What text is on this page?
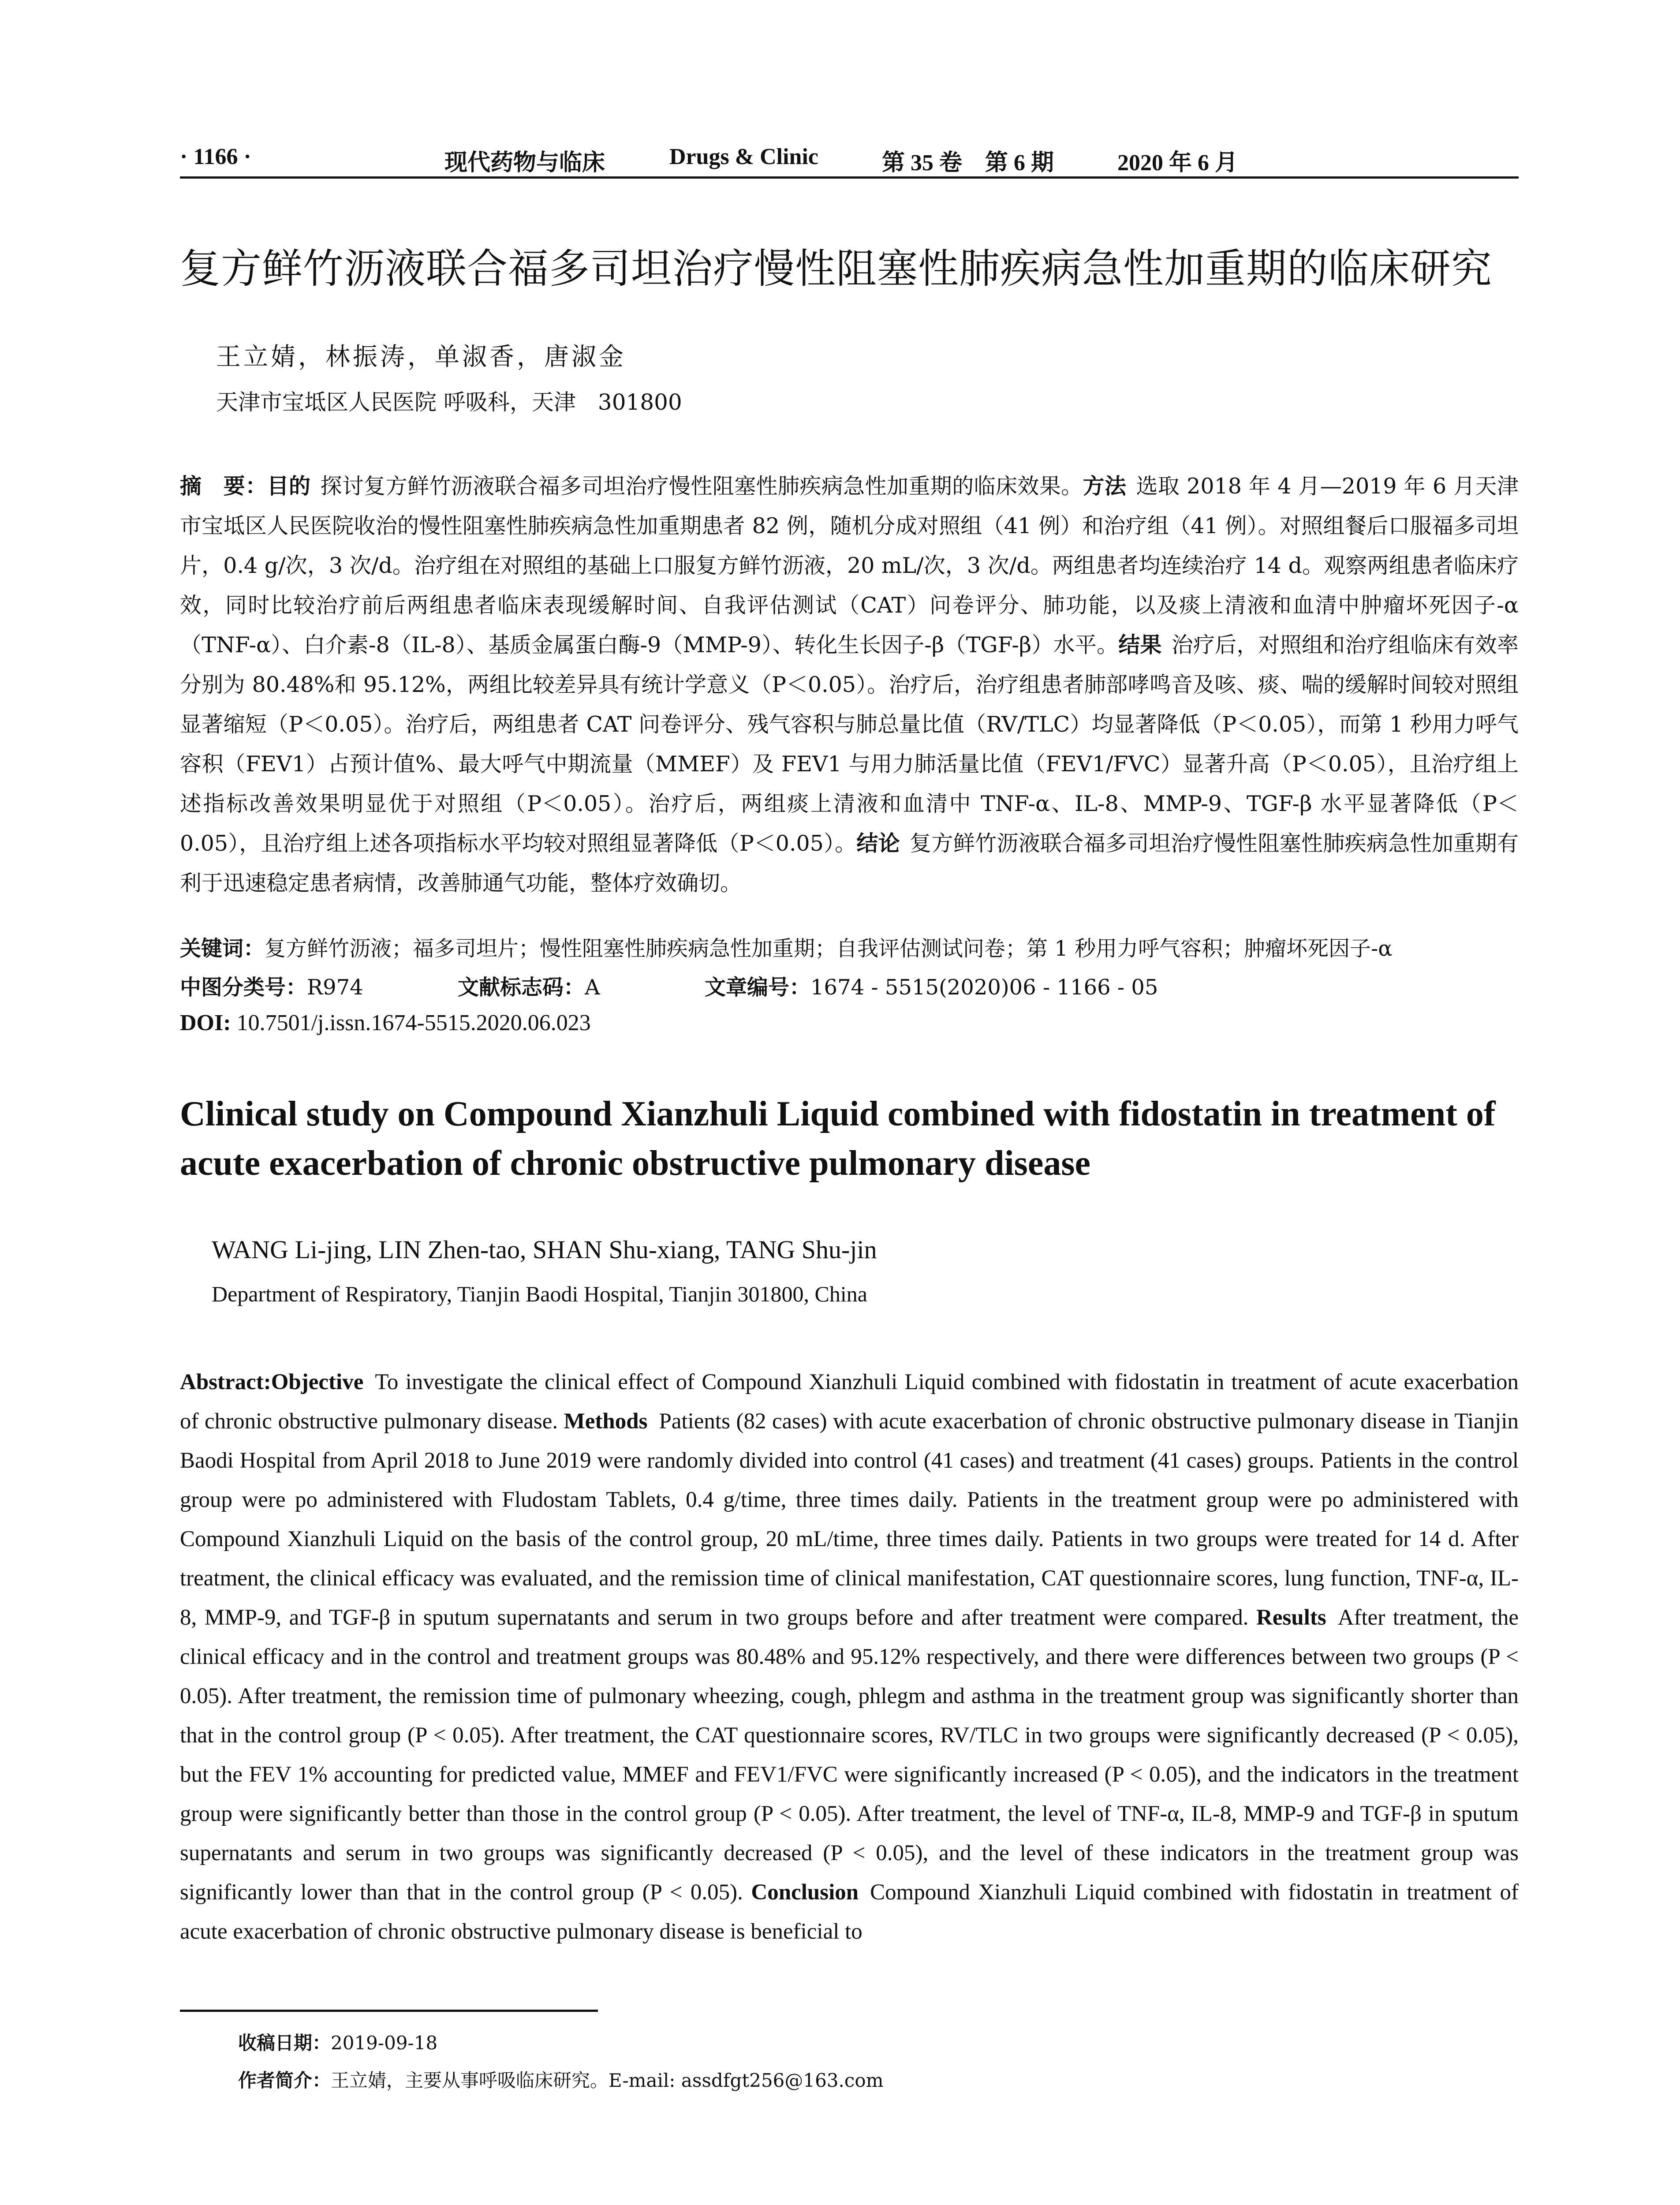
· 1166 ·	现代药物与临床	Drugs & Clinic	第 35 卷　第 6 期	2020 年 6 月
复方鲜竹沥液联合福多司坦治疗慢性阻塞性肺疾病急性加重期的临床研究
王立婧，林振涛，单淑香，唐淑金
天津市宝坻区人民医院 呼吸科，天津　301800

摘　要：目的 探讨复方鲜竹沥液联合福多司坦治疗慢性阻塞性肺疾病急性加重期的临床效果。方法 选取 2018 年 4 月—2019 年 6 月天津市宝坻区人民医院收治的慢性阻塞性肺疾病急性加重期患者 82 例，随机分成对照组（41 例）和治疗组（41 例）。对照组餐后口服福多司坦片，0.4 g/次，3 次/d。治疗组在对照组的基础上口服复方鲜竹沥液，20 mL/次，3 次/d。两组患者均连续治疗 14 d。观察两组患者临床疗效，同时比较治疗前后两组患者临床表现缓解时间、自我评估测试（CAT）问卷评分、肺功能，以及痰上清液和血清中肿瘤坏死因子-α（TNF-α）、白介素-8（IL-8）、基质金属蛋白酶-9（MMP-9）、转化生长因子-β（TGF-β）水平。结果 治疗后，对照组和治疗组临床有效率分别为 80.48%和 95.12%，两组比较差异具有统计学意义（P＜0.05）。治疗后，治疗组患者肺部哮鸣音及咳、痰、喘的缓解时间较对照组显著缩短（P＜0.05）。治疗后，两组患者 CAT 问卷评分、残气容积与肺总量比值（RV/TLC）均显著降低（P＜0.05），而第 1 秒用力呼气容积（FEV1）占预计值%、最大呼气中期流量（MMEF）及 FEV1 与用力肺活量比值（FEV1/FVC）显著升高（P＜0.05），且治疗组上述指标改善效果明显优于对照组（P＜0.05）。治疗后，两组痰上清液和血清中 TNF-α、IL-8、MMP-9、TGF-β 水平显著降低（P＜0.05），且治疗组上述各项指标水平均较对照组显著降低（P＜0.05）。结论 复方鲜竹沥液联合福多司坦治疗慢性阻塞性肺疾病急性加重期有利于迅速稳定患者病情，改善肺通气功能，整体疗效确切。

关键词：复方鲜竹沥液；福多司坦片；慢性阻塞性肺疾病急性加重期；自我评估测试问卷；第 1 秒用力呼气容积；肿瘤坏死因子-α
中图分类号：R974	文献标志码：A	文章编号：1674 - 5515(2020)06 - 1166 - 05
DOI: 10.7501/j.issn.1674-5515.2020.06.023
Clinical study on Compound Xianzhuli Liquid combined with fidostatin in treatment of acute exacerbation of chronic obstructive pulmonary disease
WANG Li-jing, LIN Zhen-tao, SHAN Shu-xiang, TANG Shu-jin
Department of Respiratory, Tianjin Baodi Hospital, Tianjin 301800, China

Abstract:Objective To investigate the clinical effect of Compound Xianzhuli Liquid combined with fidostatin in treatment of acute exacerbation of chronic obstructive pulmonary disease. Methods Patients (82 cases) with acute exacerbation of chronic obstructive pulmonary disease in Tianjin Baodi Hospital from April 2018 to June 2019 were randomly divided into control (41 cases) and treatment (41 cases) groups. Patients in the control group were po administered with Fludostam Tablets, 0.4 g/time, three times daily. Patients in the treatment group were po administered with Compound Xianzhuli Liquid on the basis of the control group, 20 mL/time, three times daily. Patients in two groups were treated for 14 d. After treatment, the clinical efficacy was evaluated, and the remission time of clinical manifestation, CAT questionnaire scores, lung function, TNF-α, IL-8, MMP-9, and TGF-β in sputum supernatants and serum in two groups before and after treatment were compared. Results After treatment, the clinical efficacy and in the control and treatment groups was 80.48% and 95.12% respectively, and there were differences between two groups (P < 0.05). After treatment, the remission time of pulmonary wheezing, cough, phlegm and asthma in the treatment group was significantly shorter than that in the control group (P < 0.05). After treatment, the CAT questionnaire scores, RV/TLC in two groups were significantly decreased (P < 0.05), but the FEV 1% accounting for predicted value, MMEF and FEV1/FVC were significantly increased (P < 0.05), and the indicators in the treatment group were significantly better than those in the control group (P < 0.05). After treatment, the level of TNF-α, IL-8, MMP-9 and TGF-β in sputum supernatants and serum in two groups was significantly decreased (P < 0.05), and the level of these indicators in the treatment group was significantly lower than that in the control group (P < 0.05). Conclusion Compound Xianzhuli Liquid combined with fidostatin in treatment of acute exacerbation of chronic obstructive pulmonary disease is beneficial to

收稿日期：2019-09-18
作者简介：王立婧，主要从事呼吸临床研究。E-mail: assdfgt256@163.com
